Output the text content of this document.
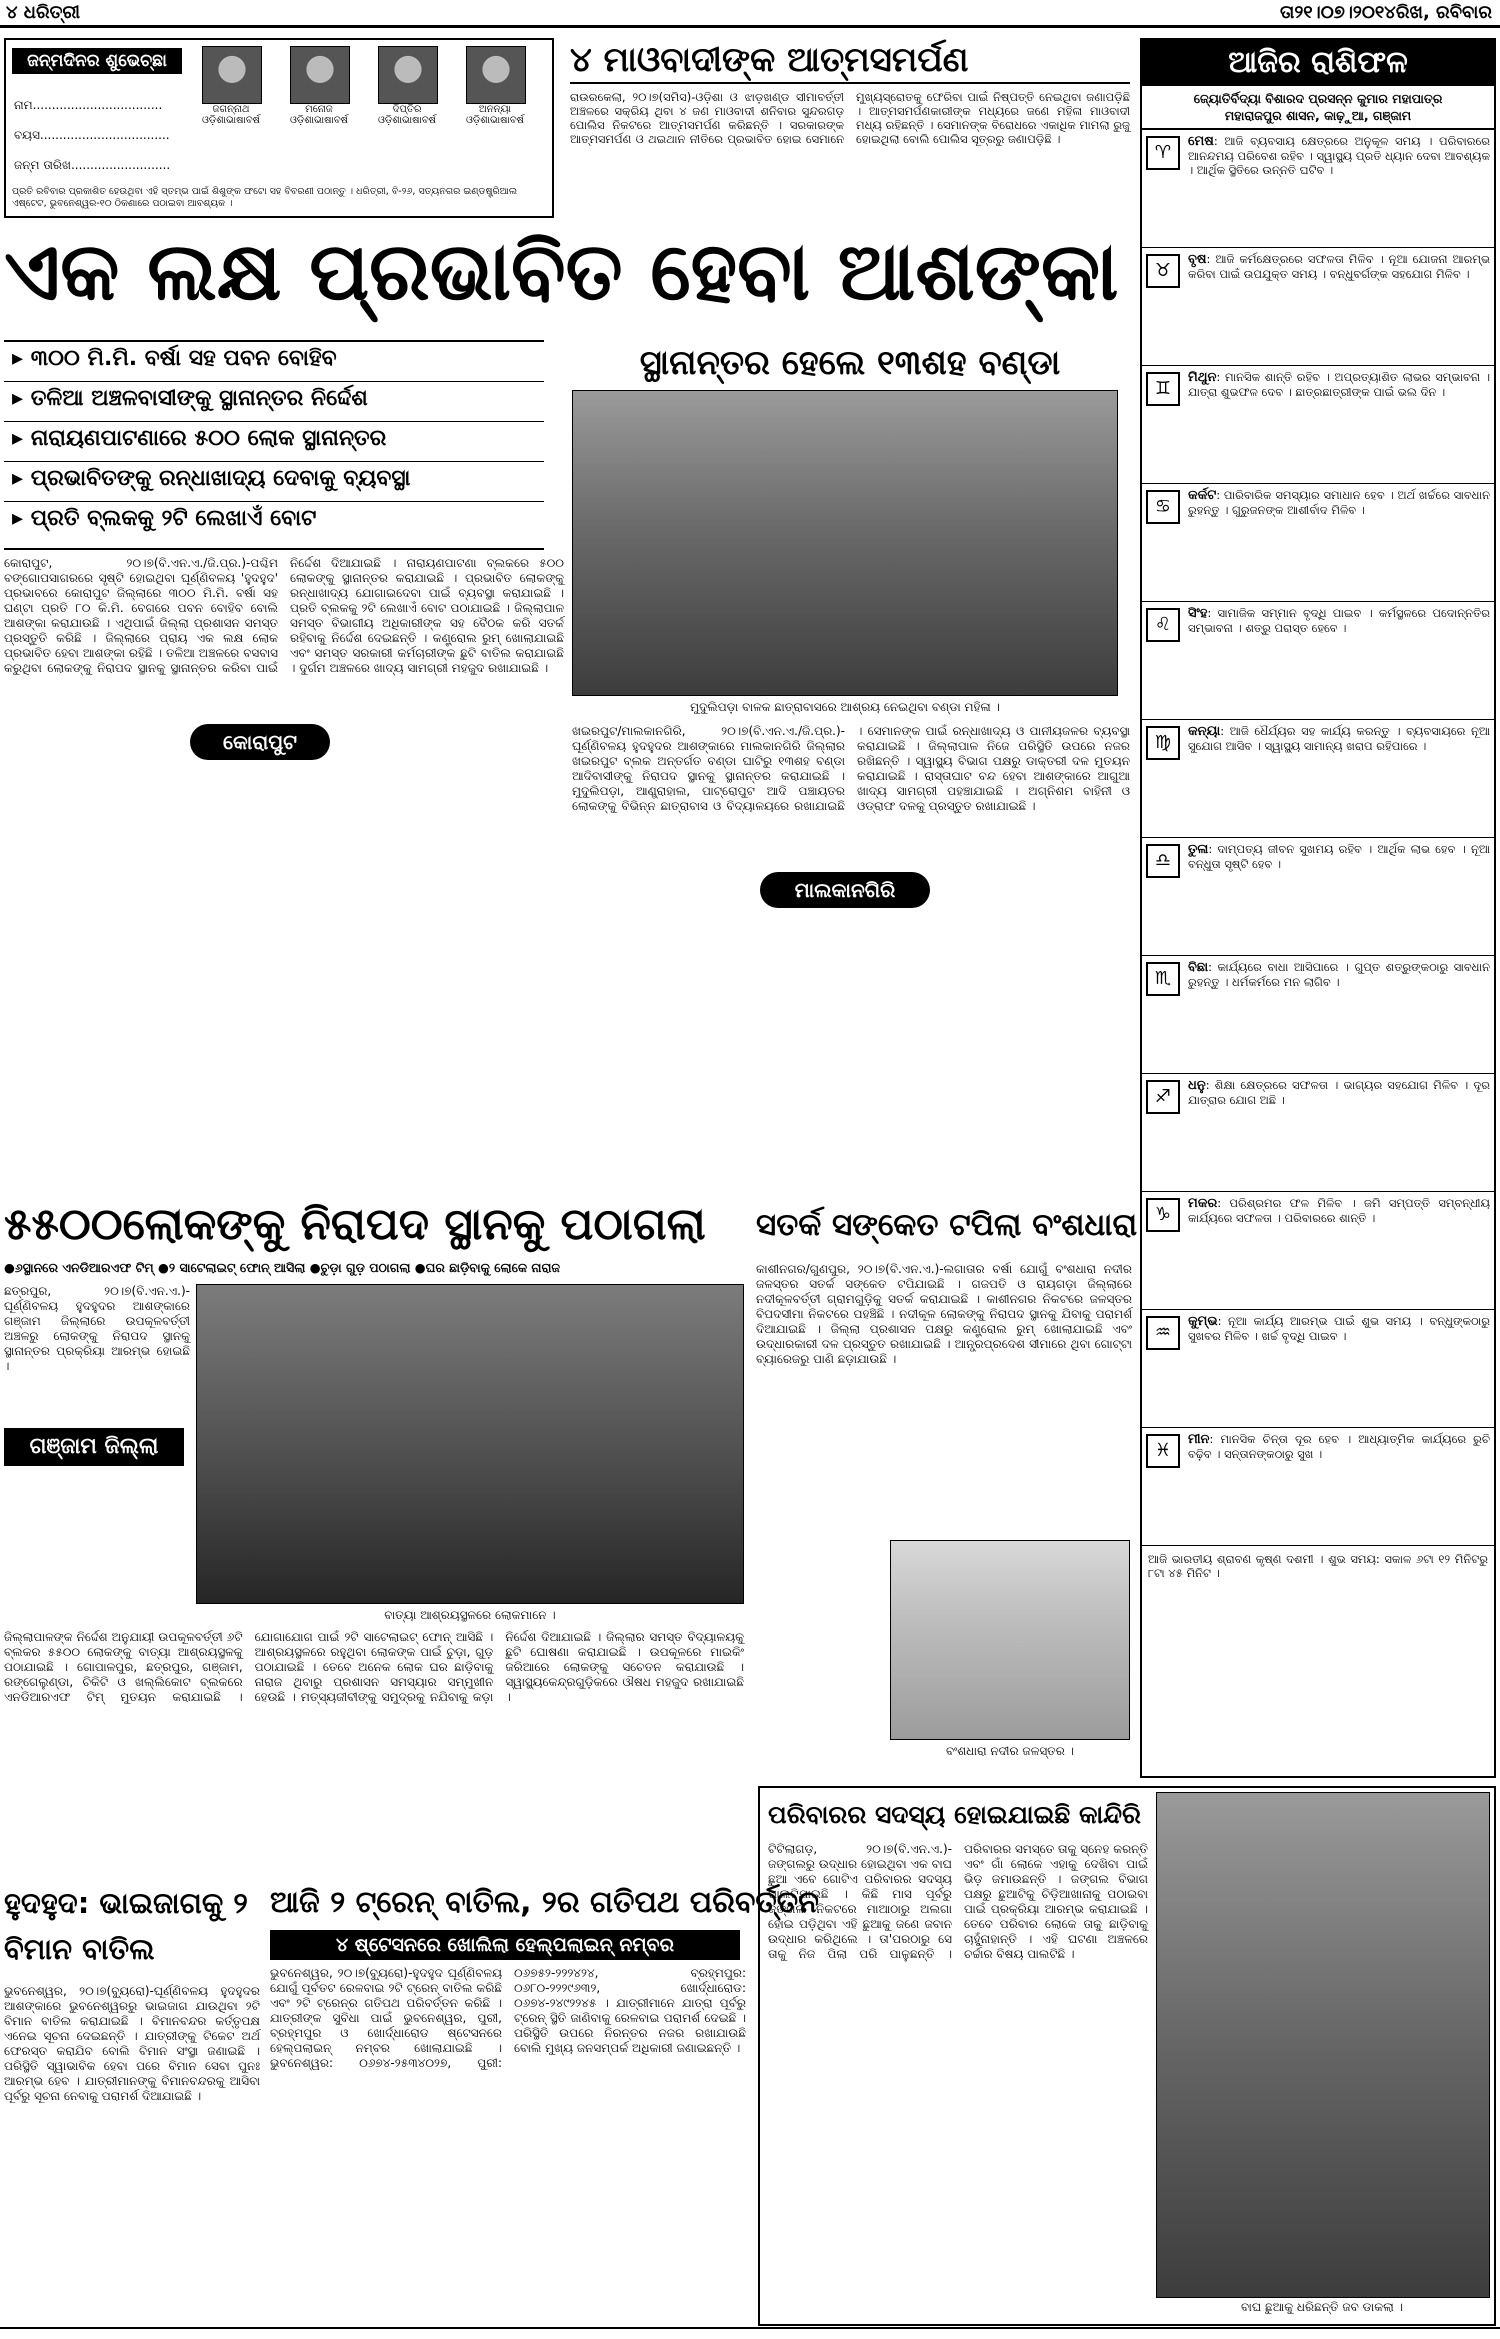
୪ ଧରିତ୍ରୀ	ତା୨୧।୦୭।୨୦୧୪ରିଖ, ରବିବାର
ଜନ୍ମଦିନର ଶୁଭେଚ୍ଛା
ନାମ..................................
ବୟସ..................................
ଜନ୍ମ ତାରିଖ..........................
ଜଗନ୍ନାଥ
ଓଡ଼ିଶାଭାଷାବର୍ଷ
ମନୋଜ
ଓଡ଼ିଶାଭାଷାବର୍ଷ
ଦିପ୍ତିର
ଓଡ଼ିଶାଭାଷାବର୍ଷ
ଅନନ୍ୟା
ଓଡ଼ିଶାଭାଷାବର୍ଷ
ପ୍ରତି ରବିବାର ପ୍ରକାଶିତ ହେଉଥିବା ଏହି ସ୍ତମ୍ଭ ପାଇଁ ଶିଶୁଙ୍କ ଫଟୋ ସହ ବିବରଣୀ ପଠାନ୍ତୁ । ଧରିତ୍ରୀ, ବି-୨୬, ସତ୍ୟନଗର ଇଣ୍ଡଷ୍ଟ୍ରିଆଲ ଏଷ୍ଟେଟ, ଭୁବନେଶ୍ୱର-୧୦ ଠିକଣାରେ ପଠାଇବା ଆବଶ୍ୟକ ।
୪ ମାଓବାଦୀଙ୍କ ଆତ୍ମସମର୍ପଣ
ରାଉରକେଲା, ୨୦।୭(ସମିସ)-ଓଡ଼ିଶା ଓ ଝାଡ଼ଖଣ୍ଡ ସୀମାବର୍ତ୍ତୀ ଅଞ୍ଚଳରେ ସକ୍ରିୟ ଥିବା ୪ ଜଣ ମାଓବାଦୀ ଶନିବାର ସୁନ୍ଦରଗଡ଼ ପୋଲିସ ନିକଟରେ ଆତ୍ମସମର୍ପଣ କରିଛନ୍ତି । ସରକାରଙ୍କ ଆତ୍ମସମର୍ପଣ ଓ ଥଇଥାନ ନୀତିରେ ପ୍ରଭାବିତ ହୋଇ ସେମାନେ ମୁଖ୍ୟସ୍ରୋତକୁ ଫେରିବା ପାଇଁ ନିଷ୍ପତ୍ତି ନେଇଥିବା ଜଣାପଡ଼ିଛି । ଆତ୍ମସମର୍ପଣକାରୀଙ୍କ ମଧ୍ୟରେ ଜଣେ ମହିଳା ମାଓବାଦୀ ମଧ୍ୟ ରହିଛନ୍ତି । ସେମାନଙ୍କ ବିରୋଧରେ ଏକାଧିକ ମାମଲା ରୁଜୁ ହୋଇଥିଲା ବୋଲି ପୋଲିସ ସୂତ୍ରରୁ ଜଣାପଡ଼ିଛି ।
ଆଜିର ରାଶିଫଳ
ଜ୍ୟୋତିର୍ବିଦ୍ୟା ବିଶାରଦ ପ୍ରସନ୍ନ କୁମାର ମହାପାତ୍ର
ମହାରାଜପୁର ଶାସନ, କାଢ଼ୁଆ, ଗଞ୍ଜାମ
♈
ମେଷ: ଆଜି ବ୍ୟବସାୟ କ୍ଷେତ୍ରରେ ଅନୁକୂଳ ସମୟ । ପରିବାରରେ ଆନନ୍ଦମୟ ପରିବେଶ ରହିବ । ସ୍ୱାସ୍ଥ୍ୟ ପ୍ରତି ଧ୍ୟାନ ଦେବା ଆବଶ୍ୟକ । ଆର୍ଥିକ ସ୍ଥିତିରେ ଉନ୍ନତି ଘଟିବ ।
♉
ବୃଷ: ଆଜି କର୍ମକ୍ଷେତ୍ରରେ ସଫଳତା ମିଳିବ । ନୂଆ ଯୋଜନା ଆରମ୍ଭ କରିବା ପାଇଁ ଉପଯୁକ୍ତ ସମୟ । ବନ୍ଧୁବର୍ଗଙ୍କ ସହଯୋଗ ମିଳିବ ।
♊
ମିଥୁନ: ମାନସିକ ଶାନ୍ତି ରହିବ । ଅପ୍ରତ୍ୟାଶିତ ଲାଭର ସମ୍ଭାବନା । ଯାତ୍ରା ଶୁଭଫଳ ଦେବ । ଛାତ୍ରଛାତ୍ରୀଙ୍କ ପାଇଁ ଭଲ ଦିନ ।
♋
କର୍କଟ: ପାରିବାରିକ ସମସ୍ୟାର ସମାଧାନ ହେବ । ଅର୍ଥ ଖର୍ଚ୍ଚରେ ସାବଧାନ ରୁହନ୍ତୁ । ଗୁରୁଜନଙ୍କ ଆଶୀର୍ବାଦ ମିଳିବ ।
♌
ସିଂହ: ସାମାଜିକ ସମ୍ମାନ ବୃଦ୍ଧି ପାଇବ । କର୍ମସ୍ଥଳରେ ପଦୋନ୍ନତିର ସମ୍ଭାବନା । ଶତ୍ରୁ ପରାସ୍ତ ହେବେ ।
♍
କନ୍ୟା: ଆଜି ଧୈର୍ଯ୍ୟର ସହ କାର୍ଯ୍ୟ କରନ୍ତୁ । ବ୍ୟବସାୟରେ ନୂଆ ସୁଯୋଗ ଆସିବ । ସ୍ୱାସ୍ଥ୍ୟ ସାମାନ୍ୟ ଖରାପ ରହିପାରେ ।
♎
ତୁଳା: ଦାମ୍ପତ୍ୟ ଜୀବନ ସୁଖମୟ ରହିବ । ଆର୍ଥିକ ଲାଭ ହେବ । ନୂଆ ବନ୍ଧୁତା ସୃଷ୍ଟି ହେବ ।
♏
ବିଛା: କାର୍ଯ୍ୟରେ ବାଧା ଆସିପାରେ । ଗୁପ୍ତ ଶତ୍ରୁଙ୍କଠାରୁ ସାବଧାନ ରୁହନ୍ତୁ । ଧର୍ମକର୍ମରେ ମନ ଲାଗିବ ।
♐
ଧନୁ: ଶିକ୍ଷା କ୍ଷେତ୍ରରେ ସଫଳତା । ଭାଗ୍ୟର ସହଯୋଗ ମିଳିବ । ଦୂର ଯାତ୍ରାର ଯୋଗ ଅଛି ।
♑
ମକର: ପରିଶ୍ରମର ଫଳ ମିଳିବ । ଜମି ସମ୍ପତ୍ତି ସମ୍ବନ୍ଧୀୟ କାର୍ଯ୍ୟରେ ସଫଳତା । ପରିବାରରେ ଶାନ୍ତି ।
♒
କୁମ୍ଭ: ନୂଆ କାର୍ଯ୍ୟ ଆରମ୍ଭ ପାଇଁ ଶୁଭ ସମୟ । ବନ୍ଧୁଙ୍କଠାରୁ ସୁଖବର ମିଳିବ । ଖର୍ଚ୍ଚ ବୃଦ୍ଧି ପାଇବ ।
♓
ମୀନ: ମାନସିକ ଚିନ୍ତା ଦୂର ହେବ । ଆଧ୍ୟାତ୍ମିକ କାର୍ଯ୍ୟରେ ରୁଚି ବଢ଼ିବ । ସନ୍ତାନଙ୍କଠାରୁ ସୁଖ ।
ଆଜି ଭାରତୀୟ ଶ୍ରାବଣ କୃଷ୍ଣ ଦଶମୀ । ଶୁଭ ସମୟ: ସକାଳ ୬ଟା ୧୨ ମିନିଟରୁ ୮ଟା ୪୫ ମିନିଟ ।
ଏକ ଲକ୍ଷ ପ୍ରଭାବିତ ହେବା ଆଶଙ୍କା
▸ ୩୦୦ ମି.ମି. ବର୍ଷା ସହ ପବନ ବୋହିବ
▸ ତଳିଆ ଅଞ୍ଚଳବାସୀଙ୍କୁ ସ୍ଥାନାନ୍ତର ନିର୍ଦ୍ଦେଶ
▸ ନାରାୟଣପାଟଣାରେ ୫୦୦ ଲୋକ ସ୍ଥାନାନ୍ତର
▸ ପ୍ରଭାବିତଙ୍କୁ ରନ୍ଧାଖାଦ୍ୟ ଦେବାକୁ ବ୍ୟବସ୍ଥା
▸ ପ୍ରତି ବ୍ଲକକୁ ୨ଟି ଲେଖାଏଁ ବୋଟ
କୋରାପୁଟ, ୨୦।୭(ବି.ଏନ.ଏ./ଜି.ପ୍ର.)-ପଶ୍ଚିମ ବଙ୍ଗୋପସାଗରରେ ସୃଷ୍ଟି ହୋଇଥିବା ଘୂର୍ଣ୍ଣିବଳୟ 'ହୁଦହୁଦ' ପ୍ରଭାବରେ କୋରାପୁଟ ଜିଲ୍ଲାରେ ୩୦୦ ମି.ମି. ବର୍ଷା ସହ ଘଣ୍ଟା ପ୍ରତି ୮୦ କି.ମି. ବେଗରେ ପବନ ବୋହିବ ବୋଲି ଆଶଙ୍କା କରାଯାଉଛି । ଏଥିପାଇଁ ଜିଲ୍ଲା ପ୍ରଶାସନ ସମସ୍ତ ପ୍ରସ୍ତୁତି କରିଛି । ଜିଲ୍ଲାରେ ପ୍ରାୟ ଏକ ଲକ୍ଷ ଲୋକ ପ୍ରଭାବିତ ହେବା ଆଶଙ୍କା ରହିଛି । ତଳିଆ ଅଞ୍ଚଳରେ ବସବାସ କରୁଥିବା ଲୋକଙ୍କୁ ନିରାପଦ ସ୍ଥାନକୁ ସ୍ଥାନାନ୍ତର କରିବା ପାଇଁ ନିର୍ଦ୍ଦେଶ ଦିଆଯାଇଛି । ନାରାୟଣପାଟଣା ବ୍ଲକରେ ୫୦୦ ଲୋକଙ୍କୁ ସ୍ଥାନାନ୍ତର କରାଯାଇଛି । ପ୍ରଭାବିତ ଲୋକଙ୍କୁ ରନ୍ଧାଖାଦ୍ୟ ଯୋଗାଇଦେବା ପାଇଁ ବ୍ୟବସ୍ଥା କରାଯାଇଛି । ପ୍ରତି ବ୍ଲକକୁ ୨ଟି ଲେଖାଏଁ ବୋଟ ପଠାଯାଇଛି । ଜିଲ୍ଲାପାଳ ସମସ୍ତ ବିଭାଗୀୟ ଅଧିକାରୀଙ୍କ ସହ ବୈଠକ କରି ସତର୍କ ରହିବାକୁ ନିର୍ଦ୍ଦେଶ ଦେଇଛନ୍ତି । କଣ୍ଟ୍ରୋଲ ରୁମ୍ ଖୋଲାଯାଇଛି ଏବଂ ସମସ୍ତ ସରକାରୀ କର୍ମଚାରୀଙ୍କ ଛୁଟି ବାତିଲ କରାଯାଇଛି । ଦୁର୍ଗମ ଅଞ୍ଚଳରେ ଖାଦ୍ୟ ସାମଗ୍ରୀ ମହଜୁଦ ରଖାଯାଇଛି ।
କୋରାପୁଟ
ସ୍ଥାନାନ୍ତର ହେଲେ ୧୩ଶହ ବଣ୍ଡା
ମୁଦୁଲିପଡ଼ା ବାଳକ ଛାତ୍ରାବାସରେ ଆଶ୍ରୟ ନେଇଥିବା ବଣ୍ଡା ମହିଳା ।
ଖଇରପୁଟ/ମାଲକାନଗିରି, ୨୦।୭(ବି.ଏନ.ଏ./ଜି.ପ୍ର.)-ଘୂର୍ଣ୍ଣିବଳୟ ହୁଦହୁଦର ଆଶଙ୍କାରେ ମାଲକାନଗିରି ଜିଲ୍ଲାର ଖଇରପୁଟ ବ୍ଲକ ଅନ୍ତର୍ଗତ ବଣ୍ଡା ଘାଟିରୁ ୧୩ଶହ ବଣ୍ଡା ଆଦିବାସୀଙ୍କୁ ନିରାପଦ ସ୍ଥାନକୁ ସ୍ଥାନାନ୍ତର କରାଯାଇଛି । ମୁଦୁଲିପଡ଼ା, ଆଣ୍ଡ୍ରାହାଲ, ପାଟ୍ରୋପୁଟ ଆଦି ପଞ୍ଚାୟତର ଲୋକଙ୍କୁ ବିଭିନ୍ନ ଛାତ୍ରାବାସ ଓ ବିଦ୍ୟାଳୟରେ ରଖାଯାଇଛି । ସେମାନଙ୍କ ପାଇଁ ରନ୍ଧାଖାଦ୍ୟ ଓ ପାନୀୟଜଳର ବ୍ୟବସ୍ଥା କରାଯାଇଛି । ଜିଲ୍ଲାପାଳ ନିଜେ ପରିସ୍ଥିତି ଉପରେ ନଜର ରଖିଛନ୍ତି । ସ୍ୱାସ୍ଥ୍ୟ ବିଭାଗ ପକ୍ଷରୁ ଡାକ୍ତରୀ ଦଳ ମୁତୟନ କରାଯାଇଛି । ରାସ୍ତାଘାଟ ବନ୍ଦ ହେବା ଆଶଙ୍କାରେ ଆଗୁଆ ଖାଦ୍ୟ ସାମଗ୍ରୀ ପହଞ୍ଚାଯାଇଛି । ଅଗ୍ନିଶମ ବାହିନୀ ଓ ଓଡ୍ରାଫ ଦଳକୁ ପ୍ରସ୍ତୁତ ରଖାଯାଇଛି ।
ମାଲକାନଗିରି
୫୫୦୦ଲୋକଙ୍କୁ ନିରାପଦ ସ୍ଥାନକୁ ପଠାଗଲା
●୬ସ୍ଥାନରେ ଏନଡିଆରଏଫ ଟିମ୍ ●୨ ସାଟେଲାଇଟ୍ ଫୋନ୍ ଆସିଲା ●ଚୁଡ଼ା ଗୁଡ଼ ପଠାଗଲା ●ଘର ଛାଡ଼ିବାକୁ ଲୋକେ ନାରାଜ
ଛତ୍ରପୁର, ୨୦।୭(ବି.ଏନ.ଏ.)-ଘୂର୍ଣ୍ଣିବଳୟ ହୁଦହୁଦର ଆଶଙ୍କାରେ ଗଞ୍ଜାମ ଜିଲ୍ଲାରେ ଉପକୂଳବର୍ତ୍ତୀ ଅଞ୍ଚଳରୁ ଲୋକଙ୍କୁ ନିରାପଦ ସ୍ଥାନକୁ ସ୍ଥାନାନ୍ତର ପ୍ରକ୍ରିୟା ଆରମ୍ଭ ହୋଇଛି ।
ଗଞ୍ଜାମ ଜିଲ୍ଲା
ବାତ୍ୟା ଆଶ୍ରୟସ୍ଥଳରେ ଲୋକମାନେ ।
ଜିଲ୍ଲାପାଳଙ୍କ ନିର୍ଦ୍ଦେଶ ଅନୁଯାୟୀ ଉପକୂଳବର୍ତ୍ତୀ ୬ଟି ବ୍ଲକର ୫୫୦୦ ଲୋକଙ୍କୁ ବାତ୍ୟା ଆଶ୍ରୟସ୍ଥଳକୁ ପଠାଯାଇଛି । ଗୋପାଳପୁର, ଛତ୍ରପୁର, ଗଞ୍ଜାମ, ରଙ୍ଗେଲୁଣ୍ଡା, ଚିକିଟି ଓ ଖଲ୍ଲିକୋଟ ବ୍ଲକରେ ଏନଡିଆରଏଫ ଟିମ୍ ମୁତୟନ କରାଯାଇଛି । ଯୋଗାଯୋଗ ପାଇଁ ୨ଟି ସାଟେଲାଇଟ୍ ଫୋନ୍ ଆସିଛି । ଆଶ୍ରୟସ୍ଥଳରେ ରହୁଥିବା ଲୋକଙ୍କ ପାଇଁ ଚୁଡ଼ା, ଗୁଡ଼ ପଠାଯାଇଛି । ତେବେ ଅନେକ ଲୋକ ଘର ଛାଡ଼ିବାକୁ ନାରାଜ ଥିବାରୁ ପ୍ରଶାସନ ସମସ୍ୟାର ସମ୍ମୁଖୀନ ହେଉଛି । ମତ୍ସ୍ୟଜୀବୀଙ୍କୁ ସମୁଦ୍ରକୁ ନଯିବାକୁ କଡ଼ା ନିର୍ଦ୍ଦେଶ ଦିଆଯାଇଛି । ଜିଲ୍ଲାର ସମସ୍ତ ବିଦ୍ୟାଳୟକୁ ଛୁଟି ଘୋଷଣା କରାଯାଇଛି । ଉପକୂଳରେ ମାଇକିଂ ଜରିଆରେ ଲୋକଙ୍କୁ ସଚେତନ କରାଯାଉଛି । ସ୍ୱାସ୍ଥ୍ୟକେନ୍ଦ୍ରଗୁଡ଼ିକରେ ଔଷଧ ମହଜୁଦ ରଖାଯାଇଛି ।
ସତର୍କ ସଙ୍କେତ ଟପିଲା ବଂଶଧାରା
କାଶୀନଗର/ଗୁଣପୁର, ୨୦।୭(ବି.ଏନ.ଏ.)-ଲଗାତାର ବର୍ଷା ଯୋଗୁଁ ବଂଶଧାରା ନଦୀର ଜଳସ୍ତର ସତର୍କ ସଙ୍କେତ ଟପିଯାଇଛି । ଗଜପତି ଓ ରାୟଗଡ଼ା ଜିଲ୍ଲାରେ ନଦୀକୂଳବର୍ତ୍ତୀ ଗ୍ରାମଗୁଡ଼ିକୁ ସତର୍କ କରାଯାଇଛି । କାଶୀନଗର ନିକଟରେ ଜଳସ୍ତର ବିପଦସୀମା ନିକଟରେ ପହଞ୍ଚିଛି । ନଦୀକୂଳ ଲୋକଙ୍କୁ ନିରାପଦ ସ୍ଥାନକୁ ଯିବାକୁ ପରାମର୍ଶ ଦିଆଯାଇଛି । ଜିଲ୍ଲା ପ୍ରଶାସନ ପକ୍ଷରୁ କଣ୍ଟ୍ରୋଲ ରୁମ୍ ଖୋଲାଯାଇଛି ଏବଂ ଉଦ୍ଧାରକାରୀ ଦଳ ପ୍ରସ୍ତୁତ ରଖାଯାଇଛି । ଆନ୍ଧ୍ରପ୍ରଦେଶ ସୀମାରେ ଥିବା ଗୋଟ୍ଟା ବ୍ୟାରେଜରୁ ପାଣି ଛଡ଼ାଯାଉଛି ।
ବଂଶଧାରା ନଦୀର ଜଳସ୍ତର ।
ହୁଦହୁଦ: ଭାଇଜାଗକୁ ୨ ବିମାନ ବାତିଲ
ଭୁବନେଶ୍ୱର, ୨୦।୭(ବ୍ୟୁରୋ)-ଘୂର୍ଣ୍ଣିବଳୟ ହୁଦହୁଦର ଆଶଙ୍କାରେ ଭୁବନେଶ୍ୱରରୁ ଭାଇଜାଗ ଯାଉଥିବା ୨ଟି ବିମାନ ବାତିଲ କରାଯାଇଛି । ବିମାନବନ୍ଦର କର୍ତ୍ତୃପକ୍ଷ ଏନେଇ ସୂଚନା ଦେଇଛନ୍ତି । ଯାତ୍ରୀଙ୍କୁ ଟିକେଟ ଅର୍ଥ ଫେରସ୍ତ କରାଯିବ ବୋଲି ବିମାନ ସଂସ୍ଥା ଜଣାଇଛି । ପରିସ୍ଥିତି ସ୍ୱାଭାବିକ ହେବା ପରେ ବିମାନ ସେବା ପୁନଃ ଆରମ୍ଭ ହେବ । ଯାତ୍ରୀମାନଙ୍କୁ ବିମାନବନ୍ଦରକୁ ଆସିବା ପୂର୍ବରୁ ସୂଚନା ନେବାକୁ ପରାମର୍ଶ ଦିଆଯାଇଛି ।
ଆଜି ୨ ଟ୍ରେନ୍ ବାତିଲ, ୨ର ଗତିପଥ ପରିବର୍ତ୍ତନ
୪ ଷ୍ଟେସନରେ ଖୋଲିଲା ହେଲ୍ପଲାଇନ୍ ନମ୍ବର
ଭୁବନେଶ୍ୱର, ୨୦।୭(ବ୍ୟୁରୋ)-ହୁଦହୁଦ ଘୂର୍ଣ୍ଣିବଳୟ ଯୋଗୁଁ ପୂର୍ବତଟ ରେଳବାଇ ୨ଟି ଟ୍ରେନ୍ ବାତିଲ କରିଛି ଏବଂ ୨ଟି ଟ୍ରେନ୍‌ର ଗତିପଥ ପରିବର୍ତ୍ତନ କରିଛି । ଯାତ୍ରୀଙ୍କ ସୁବିଧା ପାଇଁ ଭୁବନେଶ୍ୱର, ପୁରୀ, ବ୍ରହ୍ମପୁର ଓ ଖୋର୍ଦ୍ଧାରୋଡ ଷ୍ଟେସନରେ ହେଲ୍ପଲାଇନ୍ ନମ୍ବର ଖୋଲାଯାଇଛି । ଭୁବନେଶ୍ୱର: ୦୬୭୪-୨୫୩୪୦୨୭, ପୁରୀ: ୦୬୭୫୨-୨୨୨୪୨୪, ବ୍ରହ୍ମପୁର: ୦୬୮୦-୨୨୨୯୬୩୨, ଖୋର୍ଦ୍ଧାରୋଡ: ୦୬୭୪-୨୪୯୨୨୪୫ । ଯାତ୍ରୀମାନେ ଯାତ୍ରା ପୂର୍ବରୁ ଟ୍ରେନ୍ ସ୍ଥିତି ଜାଣିବାକୁ ରେଳବାଇ ପରାମର୍ଶ ଦେଇଛି । ପରିସ୍ଥିତି ଉପରେ ନିରନ୍ତର ନଜର ରଖାଯାଉଛି ବୋଲି ମୁଖ୍ୟ ଜନସମ୍ପର୍କ ଅଧିକାରୀ ଜଣାଇଛନ୍ତି ।
ପରିବାରର ସଦସ୍ୟ ହୋଇଯାଇଛି କାନ୍ଦିରି
ଟିଟିଲାଗଡ଼, ୨୦।୭(ବି.ଏନ.ଏ.)-ଜଙ୍ଗଲରୁ ଉଦ୍ଧାର ହୋଇଥିବା ଏକ ବାଘ ଛୁଆ ଏବେ ଗୋଟିଏ ପରିବାରର ସଦସ୍ୟ ପାଲଟିଯାଇଛି । କିଛି ମାସ ପୂର୍ବରୁ ଜଙ୍ଗଲ ନିକଟରେ ମାଆଠାରୁ ଅଲଗା ହୋଇ ପଡ଼ିଥିବା ଏହି ଛୁଆକୁ ଜଣେ ଜବାନ ଉଦ୍ଧାର କରିଥିଲେ । ତା'ପରଠାରୁ ସେ ତାକୁ ନିଜ ପିଲା ପରି ପାଳୁଛନ୍ତି । ପରିବାରର ସମସ୍ତେ ତାକୁ ସ୍ନେହ କରନ୍ତି ଏବଂ ଗାଁ ଲୋକେ ଏହାକୁ ଦେଖିବା ପାଇଁ ଭିଡ଼ ଜମାଉଛନ୍ତି । ଜଙ୍ଗଲ ବିଭାଗ ପକ୍ଷରୁ ଛୁଆଟିକୁ ଚିଡ଼ିଆଖାନାକୁ ପଠାଇବା ପାଇଁ ପ୍ରକ୍ରିୟା ଆରମ୍ଭ କରାଯାଇଛି । ତେବେ ପରିବାର ଲୋକେ ତାକୁ ଛାଡ଼ିବାକୁ ଚାହୁଁନାହାନ୍ତି । ଏହି ଘଟଣା ଅଞ୍ଚଳରେ ଚର୍ଚ୍ଚାର ବିଷୟ ପାଲଟିଛି ।
ବାଘ ଛୁଆକୁ ଧରିଛନ୍ତି ଜବ ଡାକଲା ।
